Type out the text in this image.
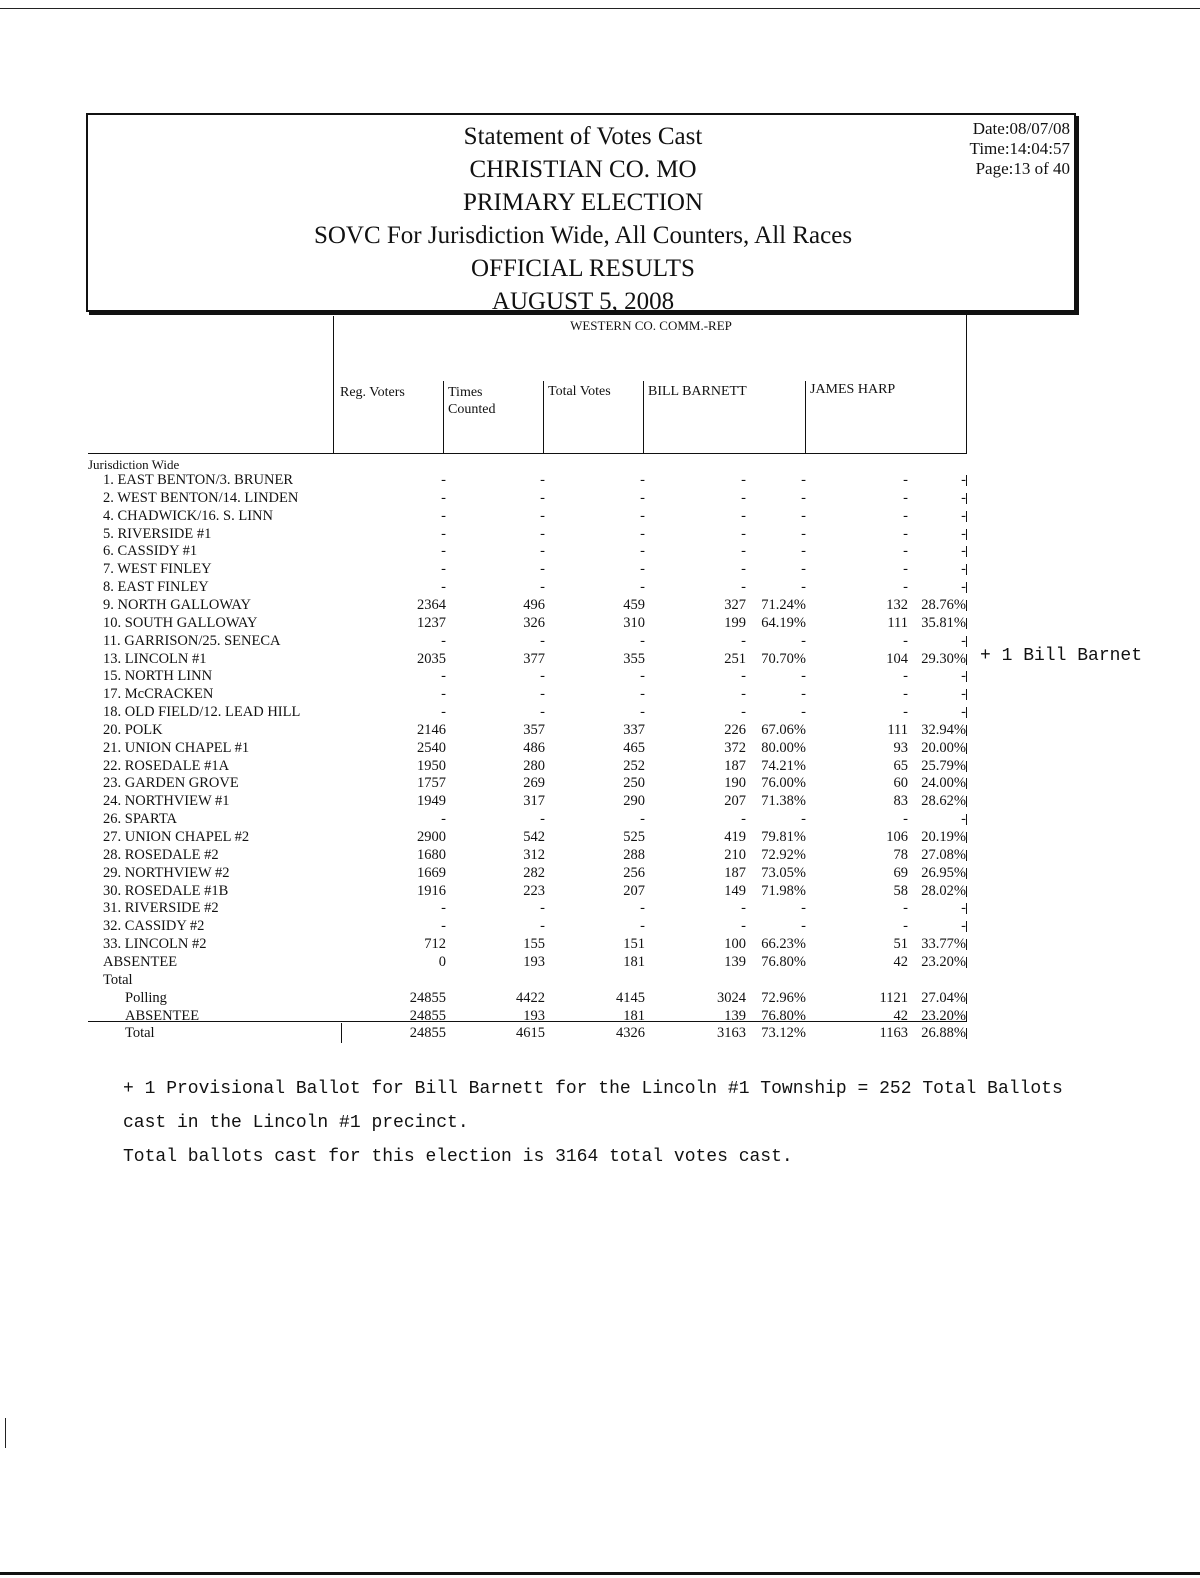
Statement of Votes Cast
CHRISTIAN CO. MO
PRIMARY ELECTION
SOVC For Jurisdiction Wide, All Counters, All Races
OFFICIAL RESULTS
AUGUST 5, 2008
Date:08/07/08
Time:14:04:57
Page:13 of 40
WESTERN CO. COMM.-REP
Reg. Voters	Times
Counted
Total Votes	BILL BARNETT	JAMES HARP
Jurisdiction Wide
1. EAST BENTON/3. BRUNER	-	-	-	-	-	-	-
2. WEST BENTON/14. LINDEN	-	-	-	-	-	-	-
4. CHADWICK/16. S. LINN	-	-	-	-	-	-	-
5. RIVERSIDE #1	-	-	-	-	-	-	-
6. CASSIDY #1	-	-	-	-	-	-	-
7. WEST FINLEY	-	-	-	-	-	-	-
8. EAST FINLEY	-	-	-	-	-	-	-
9. NORTH GALLOWAY	2364	496	459	327 71.24%	132 28.76%
10. SOUTH GALLOWAY	1237	326	310	199 64.19%	111 35.81%
11. GARRISON/25. SENECA	-	-	-	-	-	-	-
13. LINCOLN #1	2035	377	355	251 70.70%	104 29.30%
15. NORTH LINN	-	-	-	-	-	-	-
17. McCRACKEN	-	-	-	-	-	-	-
18. OLD FIELD/12. LEAD HILL	-	-	-	-	-	-	-
20. POLK	2146	357	337	226 67.06%	111 32.94%
21. UNION CHAPEL #1	2540	486	465	372 80.00%	93 20.00%
22. ROSEDALE #1A	1950	280	252	187 74.21%	65 25.79%
23. GARDEN GROVE	1757	269	250	190 76.00%	60 24.00%
24. NORTHVIEW #1	1949	317	290	207 71.38%	83 28.62%
26. SPARTA	-	-	-	-	-	-	-
27. UNION CHAPEL #2	2900	542	525	419 79.81%	106 20.19%
28. ROSEDALE #2	1680	312	288	210 72.92%	78 27.08%
29. NORTHVIEW #2	1669	282	256	187 73.05%	69 26.95%
30. ROSEDALE #1B	1916	223	207	149 71.98%	58 28.02%
31. RIVERSIDE #2	-	-	-	-	-	-	-
32. CASSIDY #2	-	-	-	-	-	-	-
33. LINCOLN #2	712	155	151	100 66.23%	51 33.77%
ABSENTEE	0	193	181	139 76.80%	42 23.20%
Total
Polling	24855	4422	4145	3024 72.96%	1121 27.04%
ABSENTEE	24855	193	181	139 76.80%	42 23.20%
Total	24855	4615	4326	3163 73.12%	1163 26.88%
+ 1 Bill Barnet
+ 1 Provisional Ballot for Bill Barnett for the Lincoln #1 Township = 252 Total Ballots
cast in the Lincoln #1 precinct.
Total ballots cast for this election is 3164 total votes cast.
